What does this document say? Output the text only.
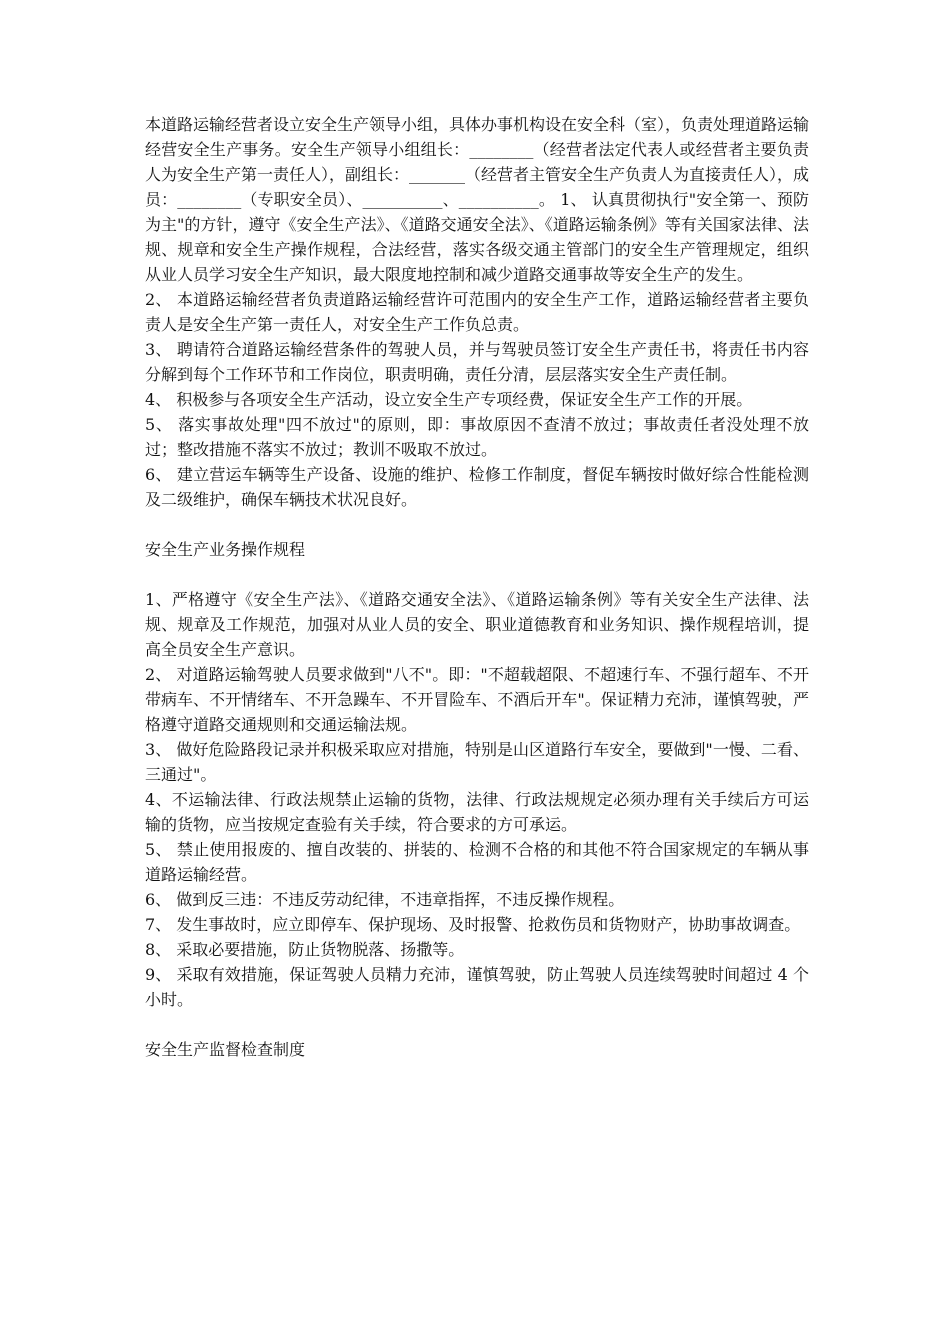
本道路运输经营者设立安全生产领导小组，具体办事机构设在安全科（室），负责处理道路运输经营安全生产事务。安全生产领导小组组长：________（经营者法定代表人或经营者主要负责人为安全生产第一责任人），副组长：_______（经营者主管安全生产负责人为直接责任人），成员：________（专职安全员）、__________、__________。 1、 认真贯彻执行"安全第一、预防为主"的方针，遵守《安全生产法》、《道路交通安全法》、《道路运输条例》等有关国家法律、法规、规章和安全生产操作规程，合法经营，落实各级交通主管部门的安全生产管理规定，组织从业人员学习安全生产知识，最大限度地控制和减少道路交通事故等安全生产的发生。

2、 本道路运输经营者负责道路运输经营许可范围内的安全生产工作，道路运输经营者主要负责人是安全生产第一责任人，对安全生产工作负总责。

3、 聘请符合道路运输经营条件的驾驶人员，并与驾驶员签订安全生产责任书，将责任书内容分解到每个工作环节和工作岗位，职责明确，责任分清，层层落实安全生产责任制。

4、 积极参与各项安全生产活动，设立安全生产专项经费，保证安全生产工作的开展。

5、 落实事故处理"四不放过"的原则，即：事故原因不查清不放过；事故责任者没处理不放过；整改措施不落实不放过；教训不吸取不放过。

6、 建立营运车辆等生产设备、设施的维护、检修工作制度，督促车辆按时做好综合性能检测及二级维护，确保车辆技术状况良好。

安全生产业务操作规程

1、严格遵守《安全生产法》、《道路交通安全法》、《道路运输条例》等有关安全生产法律、法规、规章及工作规范，加强对从业人员的安全、职业道德教育和业务知识、操作规程培训，提高全员安全生产意识。

2、 对道路运输驾驶人员要求做到"八不"。即："不超载超限、不超速行车、不强行超车、不开带病车、不开情绪车、不开急躁车、不开冒险车、不酒后开车"。保证精力充沛，谨慎驾驶，严格遵守道路交通规则和交通运输法规。

3、 做好危险路段记录并积极采取应对措施，特别是山区道路行车安全，要做到"一慢、二看、三通过"。

4、不运输法律、行政法规禁止运输的货物，法律、行政法规规定必须办理有关手续后方可运输的货物，应当按规定查验有关手续，符合要求的方可承运。

5、 禁止使用报废的、擅自改装的、拼装的、检测不合格的和其他不符合国家规定的车辆从事道路运输经营。

6、 做到反三违：不违反劳动纪律，不违章指挥，不违反操作规程。

7、 发生事故时，应立即停车、保护现场、及时报警、抢救伤员和货物财产，协助事故调查。

8、 采取必要措施，防止货物脱落、扬撒等。

9、 采取有效措施，保证驾驶人员精力充沛，谨慎驾驶，防止驾驶人员连续驾驶时间超过 4 个小时。

安全生产监督检查制度
